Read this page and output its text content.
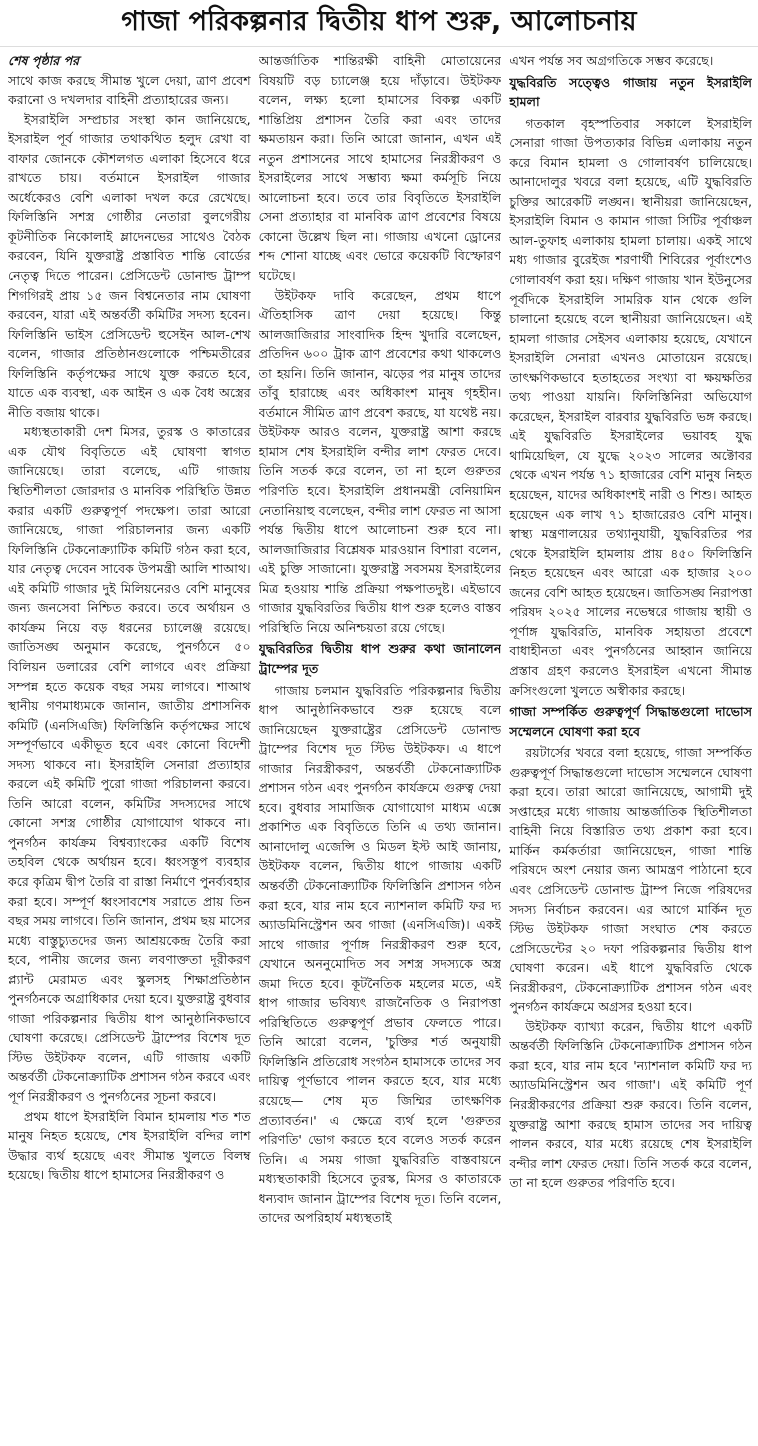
গাজা পরিকল্পনার দ্বিতীয় ধাপ শুরু, আলোচনায়
শেষ পৃষ্ঠার পর

সাথে কাজ করছে সীমান্ত খুলে দেয়া, ত্রাণ প্রবেশ করানো ও দখলদার বাহিনী প্রত্যাহারের জন্য।

ইসরাইলি সম্প্রচার সংস্থা কান জানিয়েছে, ইসরাইল পূর্ব গাজার তথাকথিত হলুদ রেখা বা বাফার জোনকে কৌশলগত এলাকা হিসেবে ধরে রাখতে চায়। বর্তমানে ইসরাইল গাজার অর্ধেকেরও বেশি এলাকা দখল করে রেখেছে। ফিলিস্তিনি সশস্ত্র গোষ্ঠীর নেতারা বুলগেরীয় কূটনীতিক নিকোলাই ম্লাদেনভের সাথেও বৈঠক করবেন, যিনি যুক্তরাষ্ট্র প্রস্তাবিত শান্তি বোর্ডের নেতৃত্ব দিতে পারেন। প্রেসিডেন্ট ডোনাল্ড ট্রাম্প শিগগিরই প্রায় ১৫ জন বিশ্বনেতার নাম ঘোষণা করবেন, যারা এই অন্তর্বর্তী কমিটির সদস্য হবেন। ফিলিস্তিনি ভাইস প্রেসিডেন্ট হুসেইন আল-শেখ বলেন, গাজার প্রতিষ্ঠানগুলোকে পশ্চিমতীরের ফিলিস্তিনি কর্তৃপক্ষের সাথে যুক্ত করতে হবে, যাতে এক ব্যবস্থা, এক আইন ও এক বৈধ অস্ত্রের নীতি বজায় থাকে।

মধ্যস্থতাকারী দেশ মিসর, তুরস্ক ও কাতারের এক যৌথ বিবৃতিতে এই ঘোষণা স্বাগত জানিয়েছে। তারা বলেছে, এটি গাজায় স্থিতিশীলতা জোরদার ও মানবিক পরিস্থিতি উন্নত করার একটি গুরুত্বপূর্ণ পদক্ষেপ। তারা আরো জানিয়েছে, গাজা পরিচালনার জন্য একটি ফিলিস্তিনি টেকনোক্র্যাটিক কমিটি গঠন করা হবে, যার নেতৃত্ব দেবেন সাবেক উপমন্ত্রী আলি শাআথ। এই কমিটি গাজার দুই মিলিয়নেরও বেশি মানুষের জন্য জনসেবা নিশ্চিত করবে। তবে অর্থায়ন ও কার্যক্রম নিয়ে বড় ধরনের চ্যালেঞ্জ রয়েছে। জাতিসঙ্ঘ অনুমান করেছে, পুনর্গঠনে ৫০ বিলিয়ন ডলারের বেশি লাগবে এবং প্রক্রিয়া সম্পন্ন হতে কয়েক বছর সময় লাগবে। শাআথ স্থানীয় গণমাধ্যমকে জানান, জাতীয় প্রশাসনিক কমিটি (এনসিএজি) ফিলিস্তিনি কর্তৃপক্ষের সাথে সম্পূর্ণভাবে একীভূত হবে এবং কোনো বিদেশী সদস্য থাকবে না। ইসরাইলি সেনারা প্রত্যাহার করলে এই কমিটি পুরো গাজা পরিচালনা করবে। তিনি আরো বলেন, কমিটির সদস্যদের সাথে কোনো সশস্ত্র গোষ্ঠীর যোগাযোগ থাকবে না। পুনর্গঠন কার্যক্রম বিশ্বব্যাংকের একটি বিশেষ তহবিল থেকে অর্থায়ন হবে। ধ্বংসস্তূপ ব্যবহার করে কৃত্রিম দ্বীপ তৈরি বা রাস্তা নির্মাণে পুনর্ব্যবহার করা হবে। সম্পূর্ণ ধ্বংসাবশেষ সরাতে প্রায় তিন বছর সময় লাগবে। তিনি জানান, প্রথম ছয় মাসের মধ্যে বাস্তুচ্যুতদের জন্য আশ্রয়কেন্দ্র তৈরি করা হবে, পানীয় জলের জন্য লবণাক্ততা দূরীকরণ প্ল্যান্ট মেরামত এবং স্কুলসহ শিক্ষাপ্রতিষ্ঠান পুনর্গঠনকে অগ্রাধিকার দেয়া হবে। যুক্তরাষ্ট্র বুধবার গাজা পরিকল্পনার দ্বিতীয় ধাপ আনুষ্ঠানিকভাবে ঘোষণা করেছে। প্রেসিডেন্ট ট্রাম্পের বিশেষ দূত স্টিভ উইটকফ বলেন, এটি গাজায় একটি অন্তর্বর্তী টেকনোক্র্যাটিক প্রশাসন গঠন করবে এবং পূর্ণ নিরস্ত্রীকরণ ও পুনর্গঠনের সূচনা করবে।

প্রথম ধাপে ইসরাইলি বিমান হামলায় শত শত মানুষ নিহত হয়েছে, শেষ ইসরাইলি বন্দির লাশ উদ্ধার ব্যর্থ হয়েছে এবং সীমান্ত খুলতে বিলম্ব হয়েছে। দ্বিতীয় ধাপে হামাসের নিরস্ত্রীকরণ ও

আন্তর্জাতিক শান্তিরক্ষী বাহিনী মোতায়েনের বিষয়টি বড় চ্যালেঞ্জ হয়ে দাঁড়াবে। উইটকফ বলেন, লক্ষ্য হলো হামাসের বিকল্প একটি শান্তিপ্রিয় প্রশাসন তৈরি করা এবং তাদের ক্ষমতায়ন করা। তিনি আরো জানান, এখন এই নতুন প্রশাসনের সাথে হামাসের নিরস্ত্রীকরণ ও ইসরাইলের সাথে সম্ভাব্য ক্ষমা কর্মসূচি নিয়ে আলোচনা হবে। তবে তার বিবৃতিতে ইসরাইলি সেনা প্রত্যাহার বা মানবিক ত্রাণ প্রবেশের বিষয়ে কোনো উল্লেখ ছিল না। গাজায় এখনো ড্রোনের শব্দ শোনা যাচ্ছে এবং ভোরে কয়েকটি বিস্ফোরণ ঘটেছে।

উইটকফ দাবি করেছেন, প্রথম ধাপে ঐতিহাসিক ত্রাণ দেয়া হয়েছে। কিন্তু আলজাজিরার সাংবাদিক হিন্দ খুদারি বলেছেন, প্রতিদিন ৬০০ ট্রাক ত্রাণ প্রবেশের কথা থাকলেও তা হয়নি। তিনি জানান, ঝড়ের পর মানুষ তাদের তাঁবু হারাচ্ছে এবং অধিকাংশ মানুষ গৃহহীন। বর্তমানে সীমিত ত্রাণ প্রবেশ করছে, যা যথেষ্ট নয়। উইটকফ আরও বলেন, যুক্তরাষ্ট্র আশা করছে হামাস শেষ ইসরাইলি বন্দীর লাশ ফেরত দেবে। তিনি সতর্ক করে বলেন, তা না হলে গুরুতর পরিণতি হবে। ইসরাইলি প্রধানমন্ত্রী বেনিয়ামিন নেতানিয়াহু বলেছেন, বন্দীর লাশ ফেরত না আসা পর্যন্ত দ্বিতীয় ধাপে আলোচনা শুরু হবে না। আলজাজিরার বিশ্লেষক মারওয়ান বিশারা বলেন, এই চুক্তি সাজানো। যুক্তরাষ্ট্র সবসময় ইসরাইলের মিত্র হওয়ায় শান্তি প্রক্রিয়া পক্ষপাতদুষ্ট। এইভাবে গাজার যুদ্ধবিরতির দ্বিতীয় ধাপ শুরু হলেও বাস্তব পরিস্থিতি নিয়ে অনিশ্চয়তা রয়ে গেছে।

যুদ্ধবিরতির দ্বিতীয় ধাপ শুরুর কথা জানালেন ট্রাম্পের দূত

গাজায় চলমান যুদ্ধবিরতি পরিকল্পনার দ্বিতীয় ধাপ আনুষ্ঠানিকভাবে শুরু হয়েছে বলে জানিয়েছেন যুক্তরাষ্ট্রের প্রেসিডেন্ট ডোনাল্ড ট্রাম্পের বিশেষ দূত স্টিভ উইটকফ। এ ধাপে গাজার নিরস্ত্রীকরণ, অন্তর্বর্তী টেকনোক্র্যাটিক প্রশাসন গঠন এবং পুনর্গঠন কার্যক্রমে গুরুত্ব দেয়া হবে। বুধবার সামাজিক যোগাযোগ মাধ্যম এক্সে প্রকাশিত এক বিবৃতিতে তিনি এ তথ্য জানান। আনাদোলু এজেন্সি ও মিডল ইস্ট আই জানায়, উইটকফ বলেন, দ্বিতীয় ধাপে গাজায় একটি অন্তর্বর্তী টেকনোক্র্যাটিক ফিলিস্তিনি প্রশাসন গঠন করা হবে, যার নাম হবে ন্যাশনাল কমিটি ফর দ্য অ্যাডমিনিস্ট্রেশন অব গাজা (এনসিএজি)। একই সাথে গাজার পূর্ণাঙ্গ নিরস্ত্রীকরণ শুরু হবে, যেখানে অননুমোদিত সব সশস্ত্র সদস্যকে অস্ত্র জমা দিতে হবে। কূটনৈতিক মহলের মতে, এই ধাপ গাজার ভবিষ্যৎ রাজনৈতিক ও নিরাপত্তা পরিস্থিতিতে গুরুত্বপূর্ণ প্রভাব ফেলতে পারে। তিনি আরো বলেন, 'চুক্তির শর্ত অনুযায়ী ফিলিস্তিনি প্রতিরোধ সংগঠন হামাসকে তাদের সব দায়িত্ব পূর্ণভাবে পালন করতে হবে, যার মধ্যে রয়েছে— শেষ মৃত জিম্মির তাৎক্ষণিক প্রত্যাবর্তন।' এ ক্ষেত্রে ব্যর্থ হলে 'গুরুতর পরিণতি' ভোগ করতে হবে বলেও সতর্ক করেন তিনি। এ সময় গাজা যুদ্ধবিরতি বাস্তবায়নে মধ্যস্থতাকারী হিসেবে তুরস্ক, মিসর ও কাতারকে ধন্যবাদ জানান ট্রাম্পের বিশেষ দূত। তিনি বলেন, তাদের অপরিহার্য মধ্যস্থতাই

এখন পর্যন্ত সব অগ্রগতিকে সম্ভব করেছে।

যুদ্ধবিরতি সত্ত্বেও গাজায় নতুন ইসরাইলি হামলা

গতকাল বৃহস্পতিবার সকালে ইসরাইলি সেনারা গাজা উপত্যকার বিভিন্ন এলাকায় নতুন করে বিমান হামলা ও গোলাবর্ষণ চালিয়েছে। আনাদোলুর খবরে বলা হয়েছে, এটি যুদ্ধবিরতি চুক্তির আরেকটি লঙ্ঘন। স্থানীয়রা জানিয়েছেন, ইসরাইলি বিমান ও কামান গাজা সিটির পূর্বাঞ্চল আল-তুফাহ এলাকায় হামলা চালায়। একই সাথে মধ্য গাজার বুরেইজ শরণার্থী শিবিরের পূর্বাংশেও গোলাবর্ষণ করা হয়। দক্ষিণ গাজায় খান ইউনুসের পূর্বদিকে ইসরাইলি সামরিক যান থেকে গুলি চালানো হয়েছে বলে স্থানীয়রা জানিয়েছেন। এই হামলা গাজার সেইসব এলাকায় হয়েছে, যেখানে ইসরাইলি সেনারা এখনও মোতায়েন রয়েছে। তাৎক্ষণিকভাবে হতাহতের সংখ্যা বা ক্ষয়ক্ষতির তথ্য পাওয়া যায়নি। ফিলিস্তিনিরা অভিযোগ করেছেন, ইসরাইল বারবার যুদ্ধবিরতি ভঙ্গ করছে। এই যুদ্ধবিরতি ইসরাইলের ভয়াবহ যুদ্ধ থামিয়েছিল, যে যুদ্ধে ২০২৩ সালের অক্টোবর থেকে এখন পর্যন্ত ৭১ হাজারের বেশি মানুষ নিহত হয়েছেন, যাদের অধিকাংশই নারী ও শিশু। আহত হয়েছেন এক লাখ ৭১ হাজারেরও বেশি মানুষ। স্বাস্থ্য মন্ত্রণালয়ের তথ্যানুযায়ী, যুদ্ধবিরতির পর থেকে ইসরাইলি হামলায় প্রায় ৪৫০ ফিলিস্তিনি নিহত হয়েছেন এবং আরো এক হাজার ২০০ জনের বেশি আহত হয়েছেন। জাতিসঙ্ঘ নিরাপত্তা পরিষদ ২০২৫ সালের নভেম্বরে গাজায় স্থায়ী ও পূর্ণাঙ্গ যুদ্ধবিরতি, মানবিক সহায়তা প্রবেশে বাধাহীনতা এবং পুনর্গঠনের আহ্বান জানিয়ে প্রস্তাব গ্রহণ করলেও ইসরাইল এখনো সীমান্ত ক্রসিংগুলো খুলতে অস্বীকার করছে।

গাজা সম্পর্কিত গুরুত্বপূর্ণ সিদ্ধান্তগুলো দাভোস সম্মেলনে ঘোষণা করা হবে

রয়টার্সের খবরে বলা হয়েছে, গাজা সম্পর্কিত গুরুত্বপূর্ণ সিদ্ধান্তগুলো দাভোস সম্মেলনে ঘোষণা করা হবে। তারা আরো জানিয়েছে, আগামী দুই সপ্তাহের মধ্যে গাজায় আন্তর্জাতিক স্থিতিশীলতা বাহিনী নিয়ে বিস্তারিত তথ্য প্রকাশ করা হবে। মার্কিন কর্মকর্তারা জানিয়েছেন, গাজা শান্তি পরিষদে অংশ নেয়ার জন্য আমন্ত্রণ পাঠানো হবে এবং প্রেসিডেন্ট ডোনাল্ড ট্রাম্প নিজে পরিষদের সদস্য নির্বাচন করবেন। এর আগে মার্কিন দূত স্টিভ উইটকফ গাজা সংঘাত শেষ করতে প্রেসিডেন্টের ২০ দফা পরিকল্পনার দ্বিতীয় ধাপ ঘোষণা করেন। এই ধাপে যুদ্ধবিরতি থেকে নিরস্ত্রীকরণ, টেকনোক্র্যাটিক প্রশাসন গঠন এবং পুনর্গঠন কার্যক্রমে অগ্রসর হওয়া হবে।

উইটকফ ব্যাখ্যা করেন, দ্বিতীয় ধাপে একটি অন্তর্বর্তী ফিলিস্তিনি টেকনোক্র্যাটিক প্রশাসন গঠন করা হবে, যার নাম হবে 'ন্যাশনাল কমিটি ফর দ্য অ্যাডমিনিস্ট্রেশন অব গাজা'। এই কমিটি পূর্ণ নিরস্ত্রীকরণের প্রক্রিয়া শুরু করবে। তিনি বলেন, যুক্তরাষ্ট্র আশা করছে হামাস তাদের সব দায়িত্ব পালন করবে, যার মধ্যে রয়েছে শেষ ইসরাইলি বন্দীর লাশ ফেরত দেয়া। তিনি সতর্ক করে বলেন, তা না হলে গুরুতর পরিণতি হবে।
